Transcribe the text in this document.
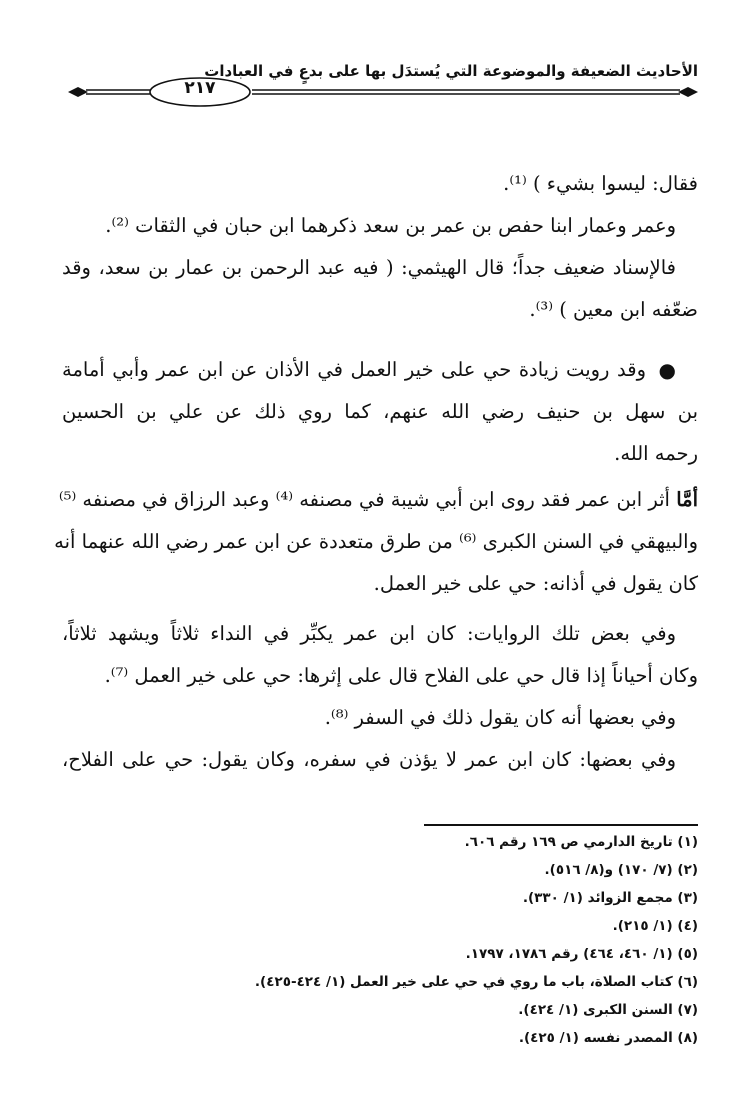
الأحاديث الضعيفة والموضوعة التي يُستدَل بها على بدعٍ في العبادات
٢١٧
فقال: ليسوا بشيء ) ⁽¹⁾.
وعمر وعمار ابنا حفص بن عمر بن سعد ذكرهما ابن حبان في الثقات ⁽²⁾.
فالإسناد ضعيف جداً؛ قال الهيثمي: ( فيه عبد الرحمن بن عمار بن سعد، وقد
ضعّفه ابن معين ) ⁽³⁾.
●
وقد رويت زيادة حي على خير العمل في الأذان عن ابن عمر وأبي أمامة
بن سهل بن حنيف رضي الله عنهم، كما روي ذلك عن علي بن الحسين
رحمه الله.
أمَّا أثر ابن عمر فقد روى ابن أبي شيبة في مصنفه ⁽⁴⁾ وعبد الرزاق في مصنفه ⁽⁵⁾
والبيهقي في السنن الكبرى ⁽⁶⁾ من طرق متعددة عن ابن عمر رضي الله عنهما أنه
كان يقول في أذانه: حي على خير العمل.
وفي بعض تلك الروايات: كان ابن عمر يكبِّر في النداء ثلاثاً ويشهد ثلاثاً،
وكان أحياناً إذا قال حي على الفلاح قال على إثرها: حي على خير العمل ⁽⁷⁾.
وفي بعضها أنه كان يقول ذلك في السفر ⁽⁸⁾.
وفي بعضها: كان ابن عمر لا يؤذن في سفره، وكان يقول: حي على الفلاح،
(١) تاريخ الدارمي ص ١٦٩ رقم ٦٠٦.
(٢) (٧/ ١٧٠) و(٨/ ٥١٦).
(٣) مجمع الزوائد (١/ ٣٣٠).
(٤) (١/ ٢١٥).
(٥) (١/ ٤٦٠، ٤٦٤) رقم ١٧٨٦، ١٧٩٧.
(٦) كتاب الصلاة، باب ما روي في حي على خير العمل (١/ ٤٢٤-٤٢٥).
(٧) السنن الكبرى (١/ ٤٢٤).
(٨) المصدر نفسه (١/ ٤٢٥).
